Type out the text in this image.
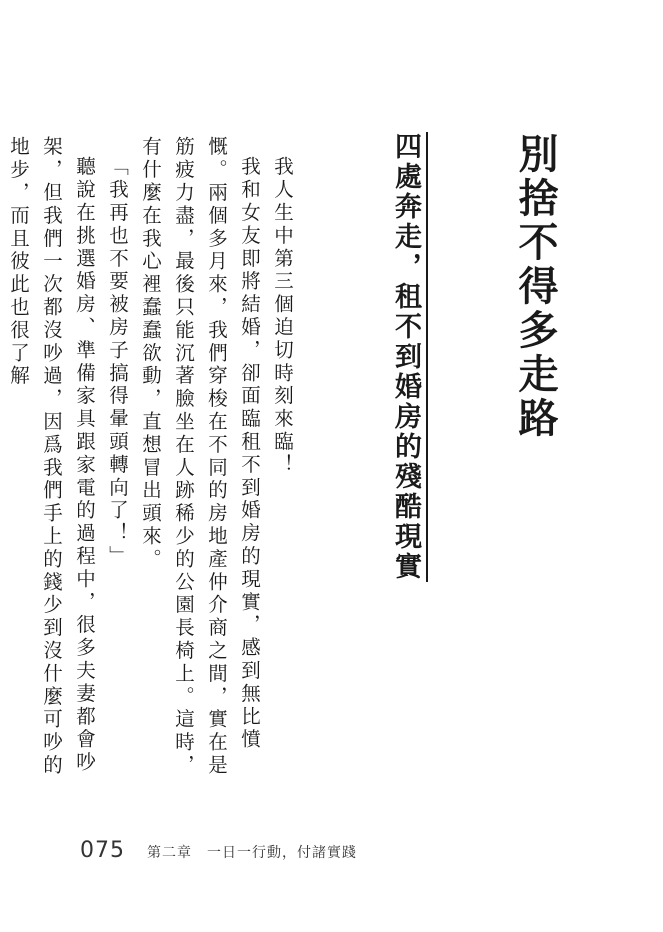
別捨不得多走路
四處奔走，租不到婚房的殘酷現實

我人生中第三個迫切時刻來臨！

我和女友即將結婚，卻面臨租不到婚房的現實，感到無比憤慨。兩個多月來，我們穿梭在不同的房地產仲介商之間，實在是筋疲力盡，最後只能沉著臉坐在人跡稀少的公園長椅上。這時，有什麼在我心裡蠢蠢欲動，直想冒出頭來。

「我再也不要被房子搞得暈頭轉向了！」

聽說在挑選婚房、準備家具跟家電的過程中，很多夫妻都會吵架，但我們一次都沒吵過，因爲我們手上的錢少到沒什麼可吵的地步，而且彼此也很了解

075 第二章　一日一行動，付諸實踐
